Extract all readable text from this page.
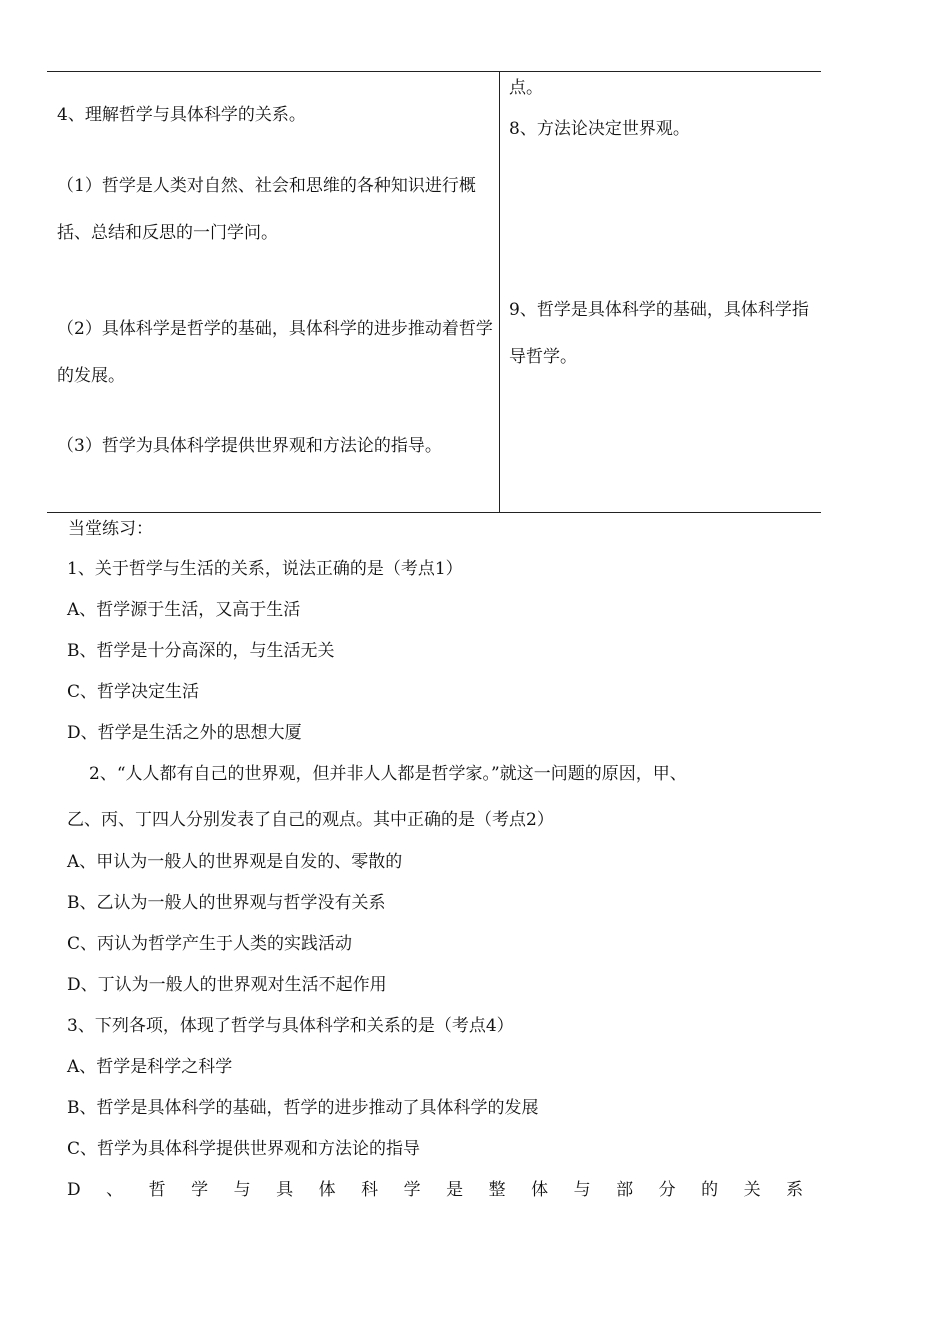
4、理解哲学与具体科学的关系。
（1）哲学是人类对自然、社会和思维的各种知识进行概括、总结和反思的一门学问。
（2）具体科学是哲学的基础，具体科学的进步推动着哲学的发展。
（3）哲学为具体科学提供世界观和方法论的指导。
点。
8、方法论决定世界观。
9、哲学是具体科学的基础，具体科学指导哲学。
当堂练习：
1、关于哲学与生活的关系，说法正确的是（考点1）
A、哲学源于生活，又高于生活
B、哲学是十分高深的，与生活无关
C、哲学决定生活
D、哲学是生活之外的思想大厦
2、“人人都有自己的世界观，但并非人人都是哲学家。”就这一问题的原因，甲、
乙、丙、丁四人分别发表了自己的观点。其中正确的是（考点2）
A、甲认为一般人的世界观是自发的、零散的
B、乙认为一般人的世界观与哲学没有关系
C、丙认为哲学产生于人类的实践活动
D、丁认为一般人的世界观对生活不起作用
3、下列各项，体现了哲学与具体科学和关系的是（考点4）
A、哲学是科学之科学
B、哲学是具体科学的基础，哲学的进步推动了具体科学的发展
C、哲学为具体科学提供世界观和方法论的指导
D、哲学与具体科学是整体与部分的关系
